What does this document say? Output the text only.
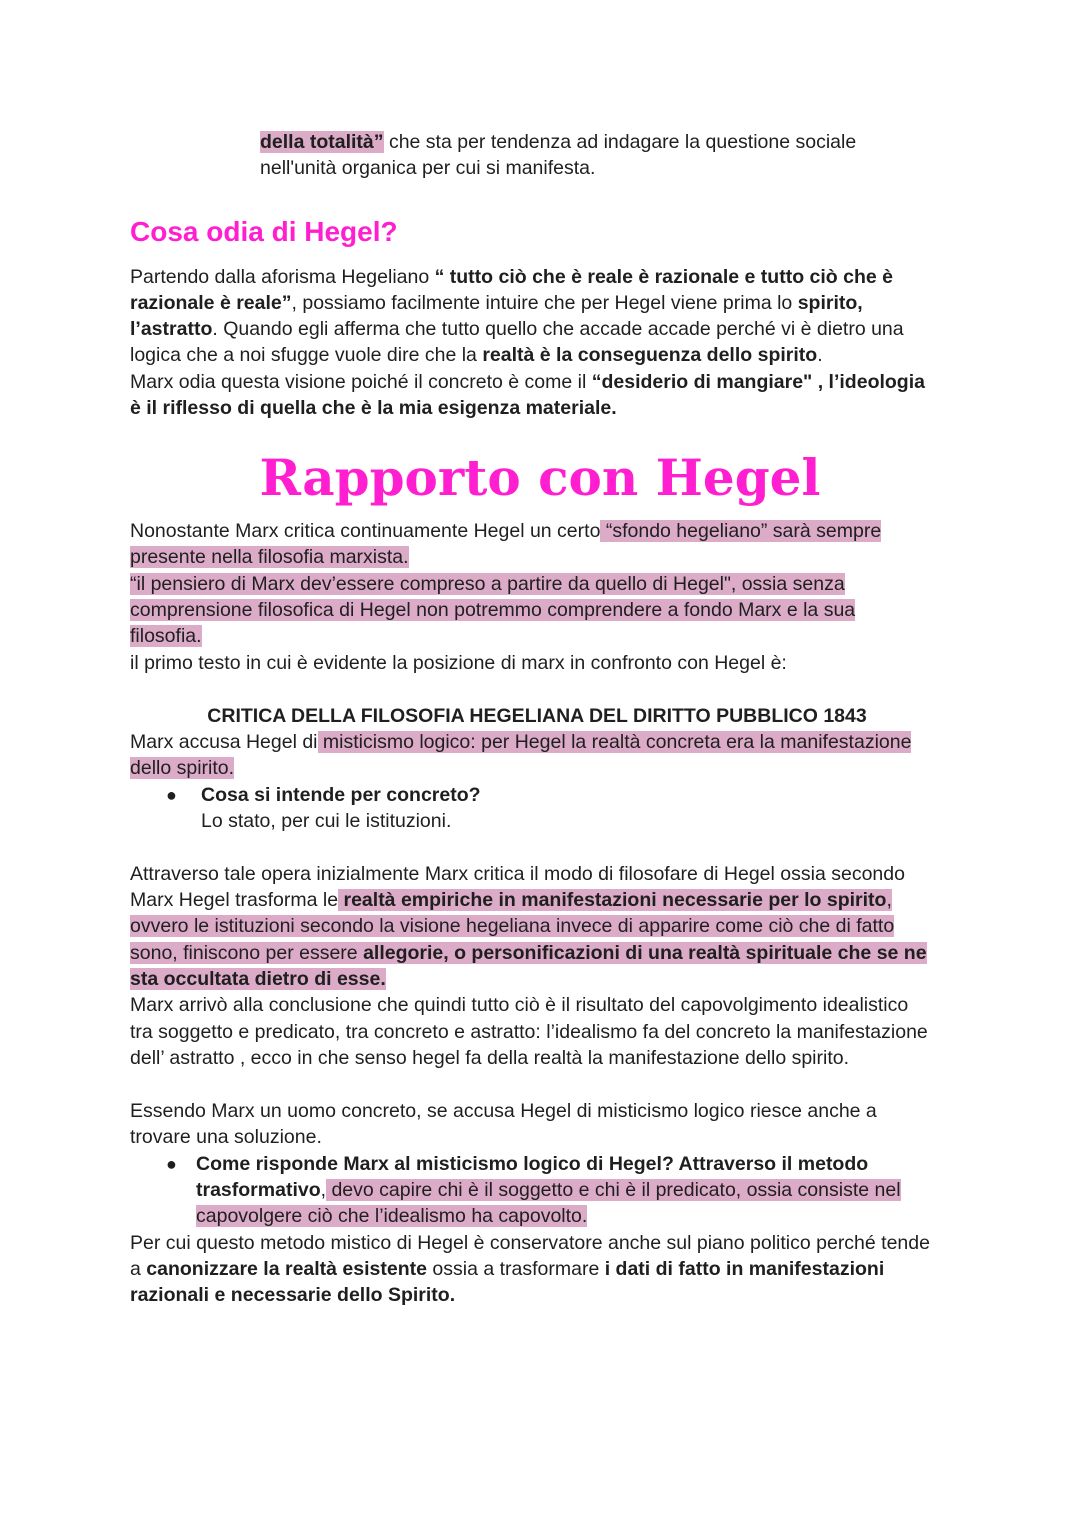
della totalità” che sta per tendenza ad indagare la questione sociale
nell'unità organica per cui si manifesta.
Cosa odia di Hegel?
Partendo dalla aforisma Hegeliano “ tutto ciò che è reale è razionale e tutto ciò che è
razionale è reale”, possiamo facilmente intuire che per Hegel viene prima lo spirito,
l’astratto. Quando egli afferma che tutto quello che accade accade perché vi è dietro una
logica che a noi sfugge vuole dire che la realtà è la conseguenza dello spirito.
Marx odia questa visione poiché il concreto è come il “desiderio di mangiare" , l’ideologia
è il riflesso di quella che è la mia esigenza materiale.
Rapporto con Hegel
Nonostante Marx critica continuamente Hegel un certo “sfondo hegeliano” sarà sempre
presente nella filosofia marxista.
“il pensiero di Marx dev’essere compreso a partire da quello di Hegel", ossia senza
comprensione filosofica di Hegel non potremmo comprendere a fondo Marx e la sua
filosofia.
il primo testo in cui è evidente la posizione di marx in confronto con Hegel è:
CRITICA DELLA FILOSOFIA HEGELIANA DEL DIRITTO PUBBLICO 1843
Marx accusa Hegel di misticismo logico: per Hegel la realtà concreta era la manifestazione
dello spirito.
● Cosa si intende per concreto?
Lo stato, per cui le istituzioni.
Attraverso tale opera inizialmente Marx critica il modo di filosofare di Hegel ossia secondo
Marx Hegel trasforma le realtà empiriche in manifestazioni necessarie per lo spirito,
ovvero le istituzioni secondo la visione hegeliana invece di apparire come ciò che di fatto
sono, finiscono per essere allegorie, o personificazioni di una realtà spirituale che se ne
sta occultata dietro di esse.
Marx arrivò alla conclusione che quindi tutto ciò è il risultato del capovolgimento idealistico
tra soggetto e predicato, tra concreto e astratto: l’idealismo fa del concreto la manifestazione
dell’ astratto , ecco in che senso hegel fa della realtà la manifestazione dello spirito.
Essendo Marx un uomo concreto, se accusa Hegel di misticismo logico riesce anche a
trovare una soluzione.
● Come risponde Marx al misticismo logico di Hegel? Attraverso il metodo
trasformativo, devo capire chi è il soggetto e chi è il predicato, ossia consiste nel
capovolgere ciò che l’idealismo ha capovolto.
Per cui questo metodo mistico di Hegel è conservatore anche sul piano politico perché tende
a canonizzare la realtà esistente ossia a trasformare i dati di fatto in manifestazioni
razionali e necessarie dello Spirito.
